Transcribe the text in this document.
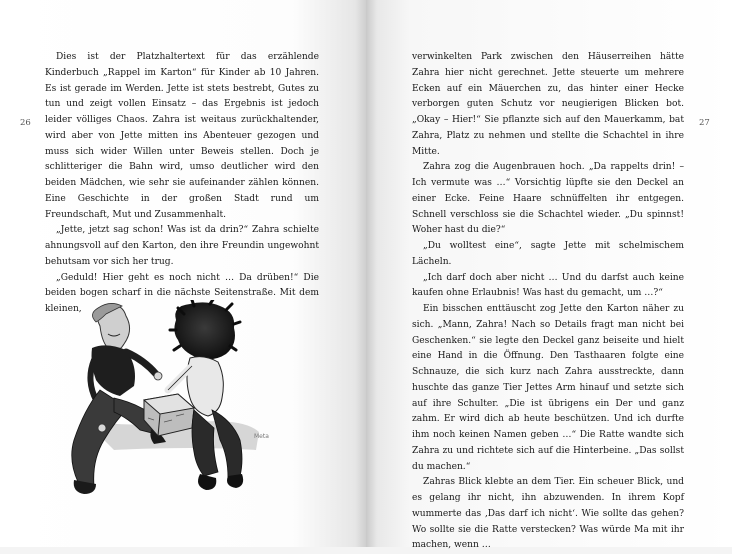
26

Dies ist der Platzhaltertext für das erzählende Kinderbuch „Rappel im Karton“ für Kinder ab 10 Jahren. Es ist gerade im Werden. Jette ist stets bestrebt, Gutes zu tun und zeigt vollen Einsatz – das Ergebnis ist jedoch leider völliges Chaos. Zahra ist weitaus zurückhaltender, wird aber von Jette mitten ins Abenteuer gezogen und muss sich wider Willen unter Beweis stellen. Doch je schlitteriger die Bahn wird, umso deutlicher wird den beiden Mädchen, wie sehr sie aufeinander zählen können. Eine Geschichte in der großen Stadt rund um Freundschaft, Mut und Zusammenhalt.

„Jette, jetzt sag schon! Was ist da drin?“ Zahra schielte ahnungsvoll auf den Karton, den ihre Freundin ungewohnt behutsam vor sich her trug.

„Geduld! Hier geht es noch nicht … Da drüben!“ Die beiden bogen scharf in die nächste Seitenstraße. Mit dem kleinen,

Meta
27

verwinkelten Park zwischen den Häuserreihen hätte Zahra hier nicht gerechnet. Jette steuerte um mehrere Ecken auf ein Mäuerchen zu, das hinter einer Hecke verborgen guten Schutz vor neugierigen Blicken bot. „Okay – Hier!“ Sie pflanzte sich auf den Mauerkamm, bat Zahra, Platz zu nehmen und stellte die Schachtel in ihre Mitte.

Zahra zog die Augenbrauen hoch. „Da rappelts drin! – Ich vermute was …“ Vorsichtig lüpfte sie den Deckel an einer Ecke. Feine Haare schnüffelten ihr entgegen. Schnell verschloss sie die Schachtel wieder. „Du spinnst! Woher hast du die?“

„Du wolltest eine“, sagte Jette mit schelmischem Lächeln.

„Ich darf doch aber nicht … Und du darfst auch keine kaufen ohne Erlaubnis! Was hast du gemacht, um …?“

Ein bisschen enttäuscht zog Jette den Karton näher zu sich. „Mann, Zahra! Nach so Details fragt man nicht bei Geschenken.“ sie legte den Deckel ganz beiseite und hielt eine Hand in die Öffnung. Den Tasthaaren folgte eine Schnauze, die sich kurz nach Zahra ausstreckte, dann huschte das ganze Tier Jettes Arm hinauf und setzte sich auf ihre Schulter. „Die ist übrigens ein Der und ganz zahm. Er wird dich ab heute beschützen. Und ich durfte ihm noch keinen Namen geben …“ Die Ratte wandte sich Zahra zu und richtete sich auf die Hinterbeine. „Das sollst du machen.“

Zahras Blick klebte an dem Tier. Ein scheuer Blick, und es gelang ihr nicht, ihn abzuwenden. In ihrem Kopf wummerte das ‚Das darf ich nicht‘. Wie sollte das gehen? Wo sollte sie die Ratte verstecken? Was würde Ma mit ihr machen, wenn …
